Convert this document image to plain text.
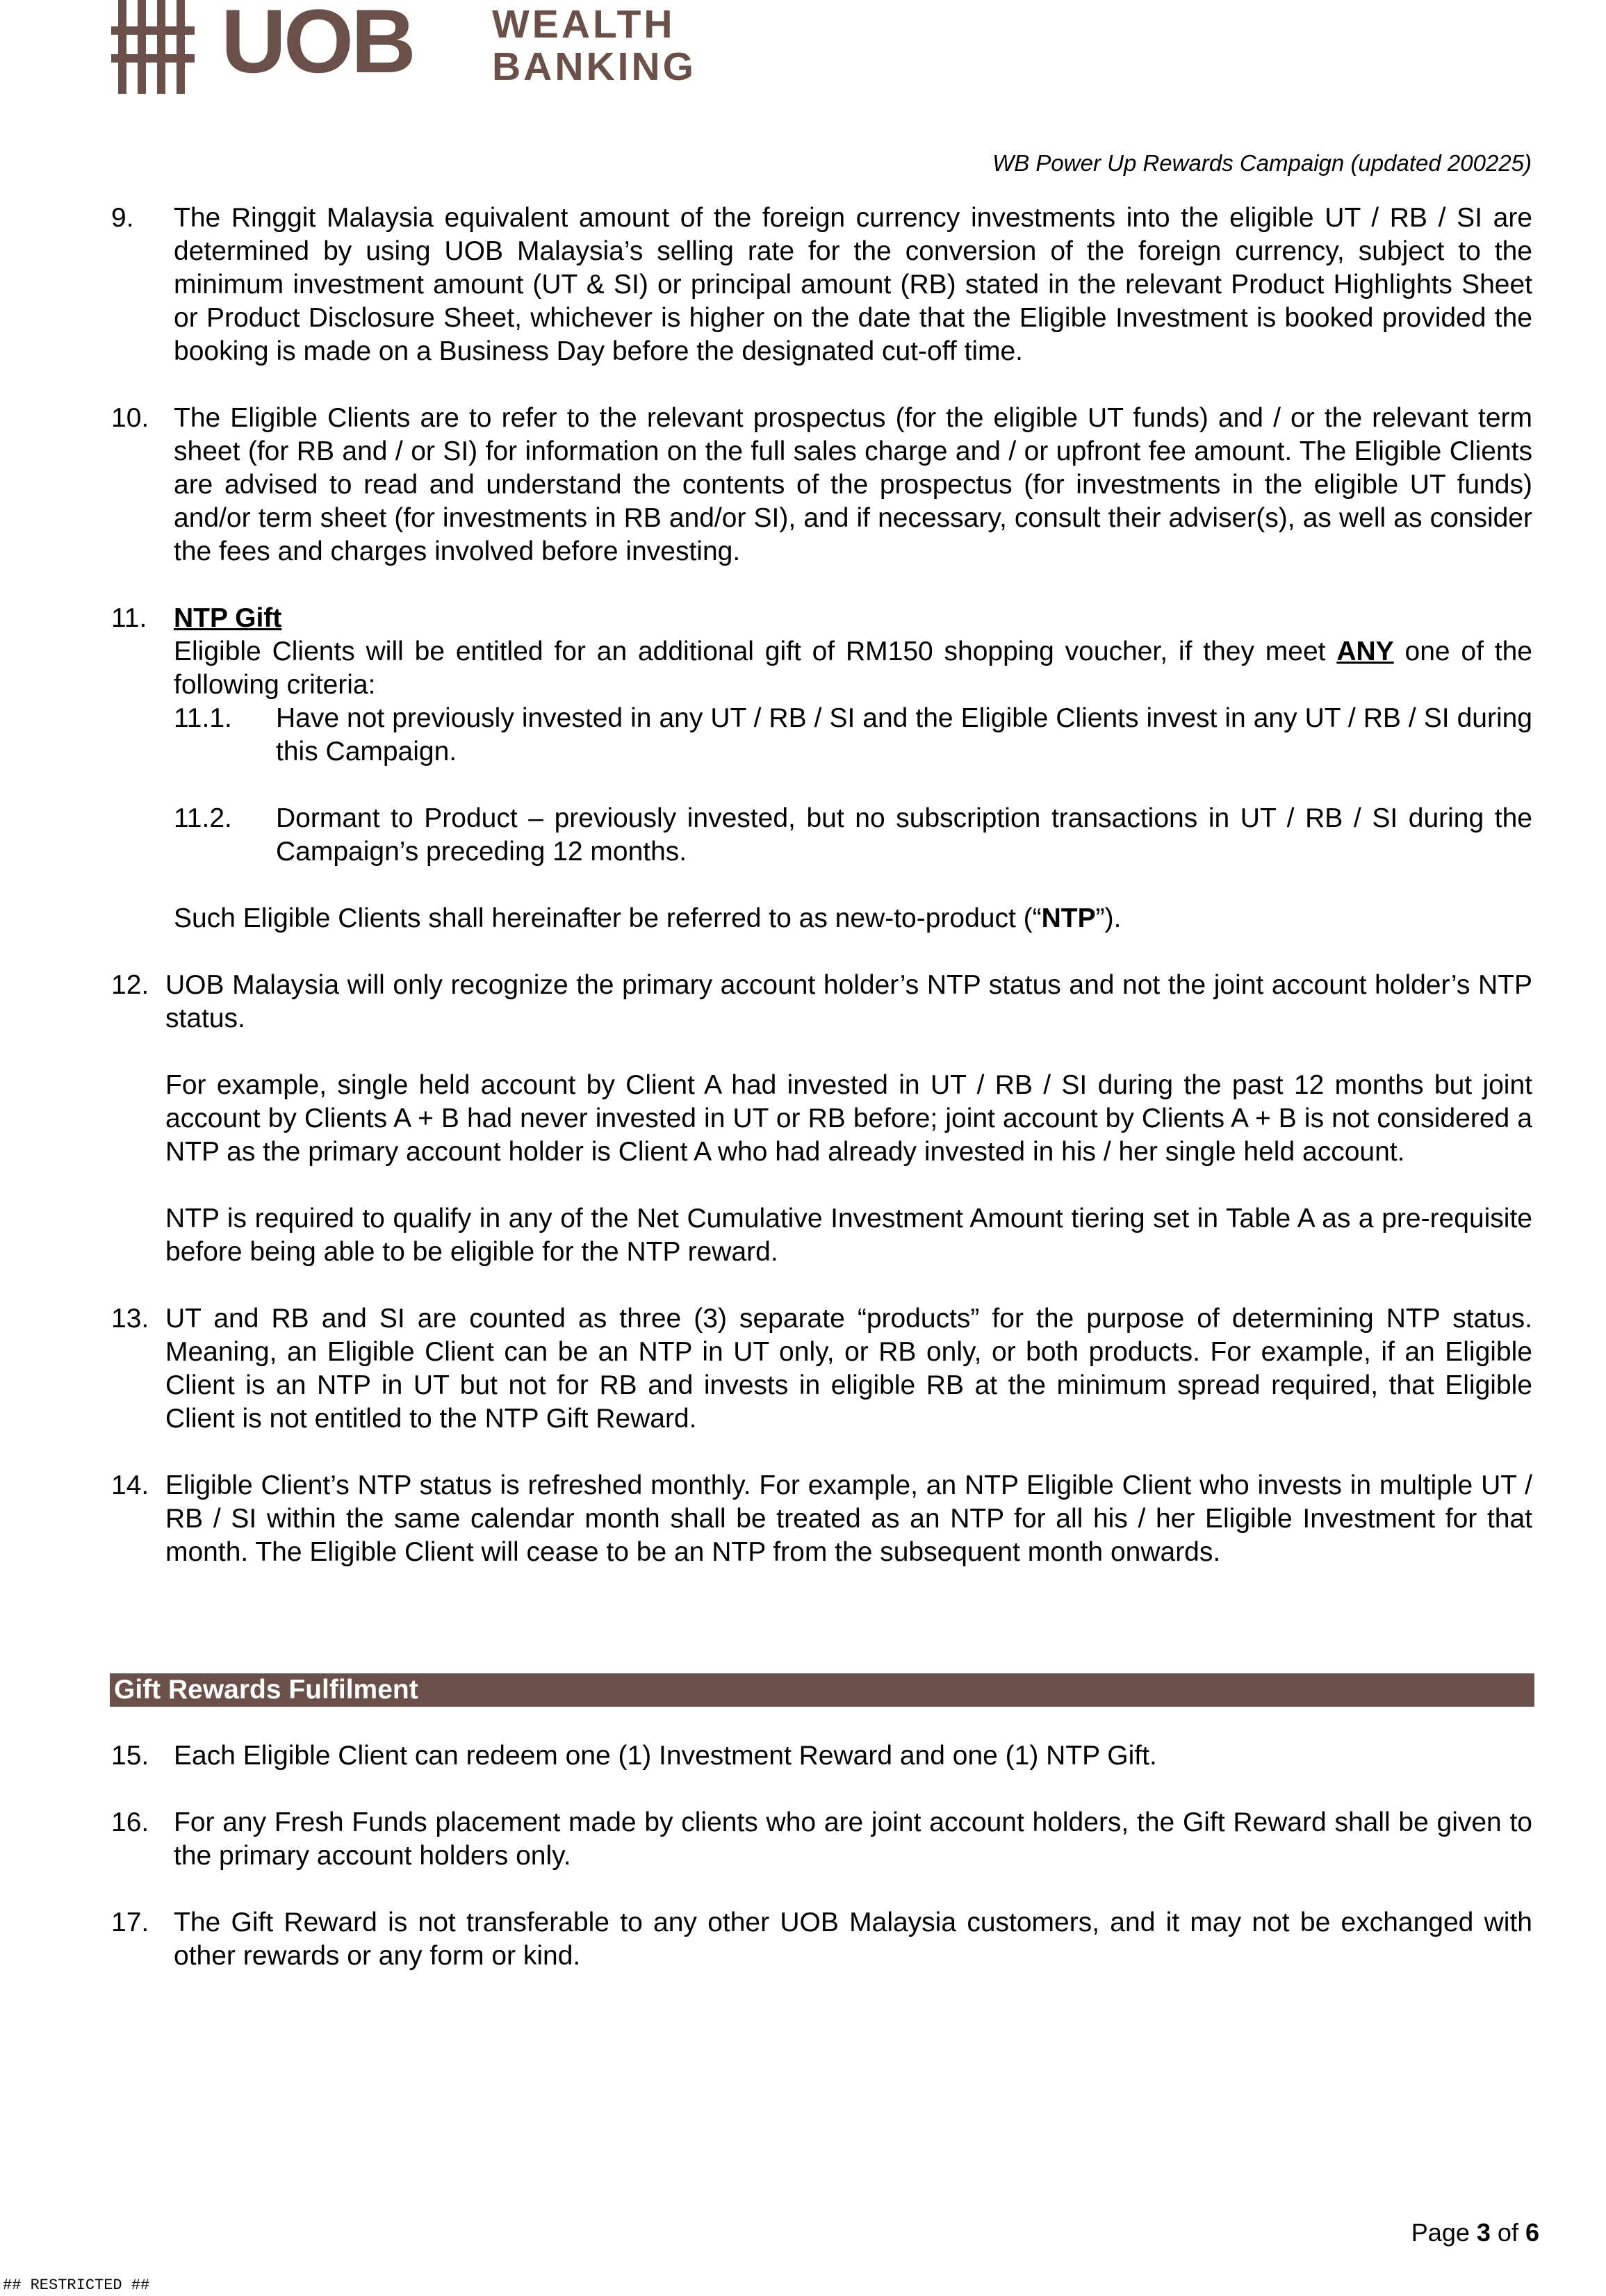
UOB WEALTH
BANKING
WB Power Up Rewards Campaign (updated 200225)
9. The Ringgit Malaysia equivalent amount of the foreign currency investments into the eligible UT / RB / SI are determined by using UOB Malaysia’s selling rate for the conversion of the foreign currency, subject to the minimum investment amount (UT & SI) or principal amount (RB) stated in the relevant Product Highlights Sheet or Product Disclosure Sheet, whichever is higher on the date that the Eligible Investment is booked provided the booking is made on a Business Day before the designated cut-off time.

10. The Eligible Clients are to refer to the relevant prospectus (for the eligible UT funds) and / or the relevant term sheet (for RB and / or SI) for information on the full sales charge and / or upfront fee amount. The Eligible Clients are advised to read and understand the contents of the prospectus (for investments in the eligible UT funds) and/or term sheet (for investments in RB and/or SI), and if necessary, consult their adviser(s), as well as consider the fees and charges involved before investing.

11. NTP Gift
Eligible Clients will be entitled for an additional gift of RM150 shopping voucher, if they meet ANY one of the following criteria:
11.1. Have not previously invested in any UT / RB / SI and the Eligible Clients invest in any UT / RB / SI during this Campaign.
11.2. Dormant to Product – previously invested, but no subscription transactions in UT / RB / SI during the Campaign’s preceding 12 months.

Such Eligible Clients shall hereinafter be referred to as new-to-product (“NTP”).

12. UOB Malaysia will only recognize the primary account holder’s NTP status and not the joint account holder’s NTP status.

For example, single held account by Client A had invested in UT / RB / SI during the past 12 months but joint account by Clients A + B had never invested in UT or RB before; joint account by Clients A + B is not considered a NTP as the primary account holder is Client A who had already invested in his / her single held account.

NTP is required to qualify in any of the Net Cumulative Investment Amount tiering set in Table A as a pre-requisite before being able to be eligible for the NTP reward.

13. UT and RB and SI are counted as three (3) separate “products” for the purpose of determining NTP status. Meaning, an Eligible Client can be an NTP in UT only, or RB only, or both products. For example, if an Eligible Client is an NTP in UT but not for RB and invests in eligible RB at the minimum spread required, that Eligible Client is not entitled to the NTP Gift Reward.

14. Eligible Client’s NTP status is refreshed monthly. For example, an NTP Eligible Client who invests in multiple UT / RB / SI within the same calendar month shall be treated as an NTP for all his / her Eligible Investment for that month. The Eligible Client will cease to be an NTP from the subsequent month onwards.

Gift Rewards Fulfilment
15. Each Eligible Client can redeem one (1) Investment Reward and one (1) NTP Gift.

16. For any Fresh Funds placement made by clients who are joint account holders, the Gift Reward shall be given to the primary account holders only.

17. The Gift Reward is not transferable to any other UOB Malaysia customers, and it may not be exchanged with other rewards or any form or kind.

Page 3 of 6
## RESTRICTED ##
